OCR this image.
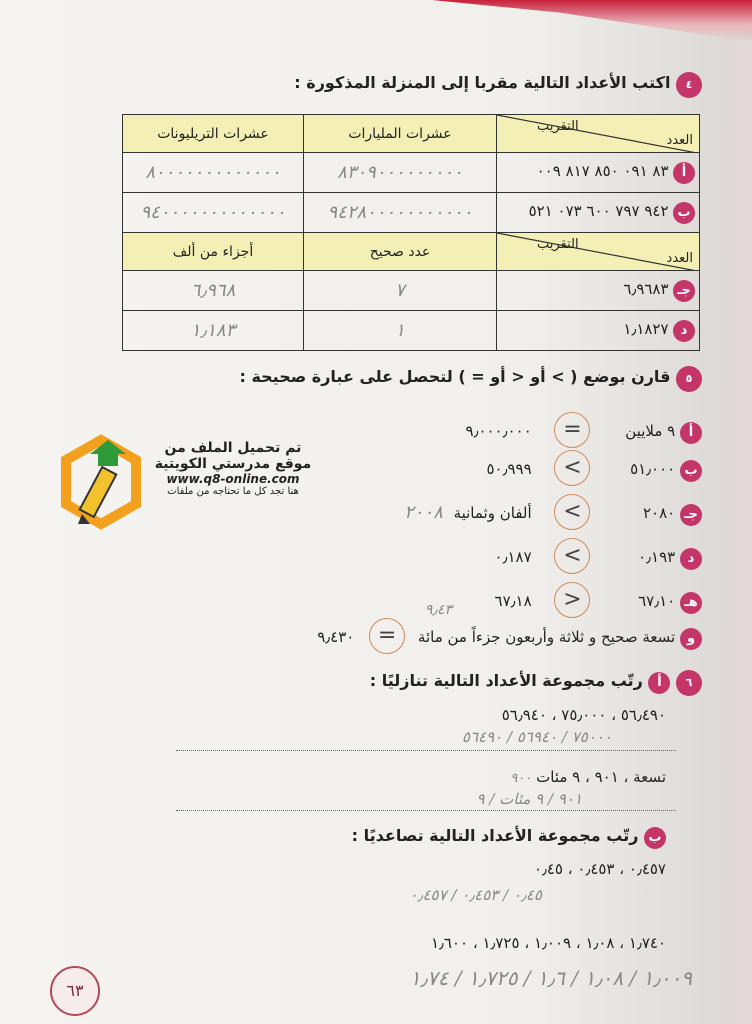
٤ اكتب الأعداد التالية مقربا إلى المنزلة المذكورة :
التقريب
العدد	عشرات المليارات	عشرات التريليونات
أ ٨٣ ٠٩١ ٨٥٠ ٨١٧ ٠٠٩	٨٣٠٩٠٠٠٠٠٠٠٠٠	٨٠٠٠٠٠٠٠٠٠٠٠٠٠
ب ٩٤٢ ٧٩٧ ٦٠٠ ٠٧٣ ٥٢١	٩٤٢٨٠٠٠٠٠٠٠٠٠٠٠	٩٤٠٠٠٠٠٠٠٠٠٠٠٠٠

التقريب
العدد	عدد صحيح	أجزاء من ألف
جـ ٦٫٩٦٨٣	٧	٦٫٩٦٨
د ١٫١٨٢٧	١	١٫١٨٣
٥ قارن بوضع ( > أو < أو = ) لتحصل على عبارة صحيحة :
أ ٩ ملايين = ٩٫٠٠٠٫٠٠٠
ب ٥١٫٠٠٠ > ٥٠٫٩٩٩
جـ ٢٠٨٠ > ألفان وثمانية ٢٠٠٨
د ٠٫١٩٣ > ٠٫١٨٧
هـ ٦٧٫١٠ < ٦٧٫١٨
و تسعة صحيح و ثلاثة وأربعون جزءاً من مائة = ٩٫٤٣٠
٩٫٤٣
٦ أ رتّب مجموعة الأعداد التالية تنازليًا :
٥٦٫٤٩٠ ، ٧٥٫٠٠٠ ، ٥٦٫٩٤٠
٧٥٠٠٠ / ٥٦٩٤٠ / ٥٦٤٩٠
تسعة ، ٩٠١ ، ٩ مئات ٩٠٠
٩٠١ / ٩ مئات / ٩
ب رتّب مجموعة الأعداد التالية تصاعديًا :
٠٫٤٥٧ ، ٠٫٤٥٣ ، ٠٫٤٥
٠٫٤٥ / ٠٫٤٥٣ / ٠٫٤٥٧
١٫٧٤٠ ، ١٫٠٨ ، ١٫٠٠٩ ، ١٫٧٢٥ ، ١٫٦٠٠
١٫٠٠٩ / ١٫٠٨ / ١٫٦ / ١٫٧٢٥ / ١٫٧٤
تم تحميل الملف من
موقع مدرستي الكويتية
www.q8-online.com
هنا تجد كل ما تحتاجه من ملفات
٦٣
